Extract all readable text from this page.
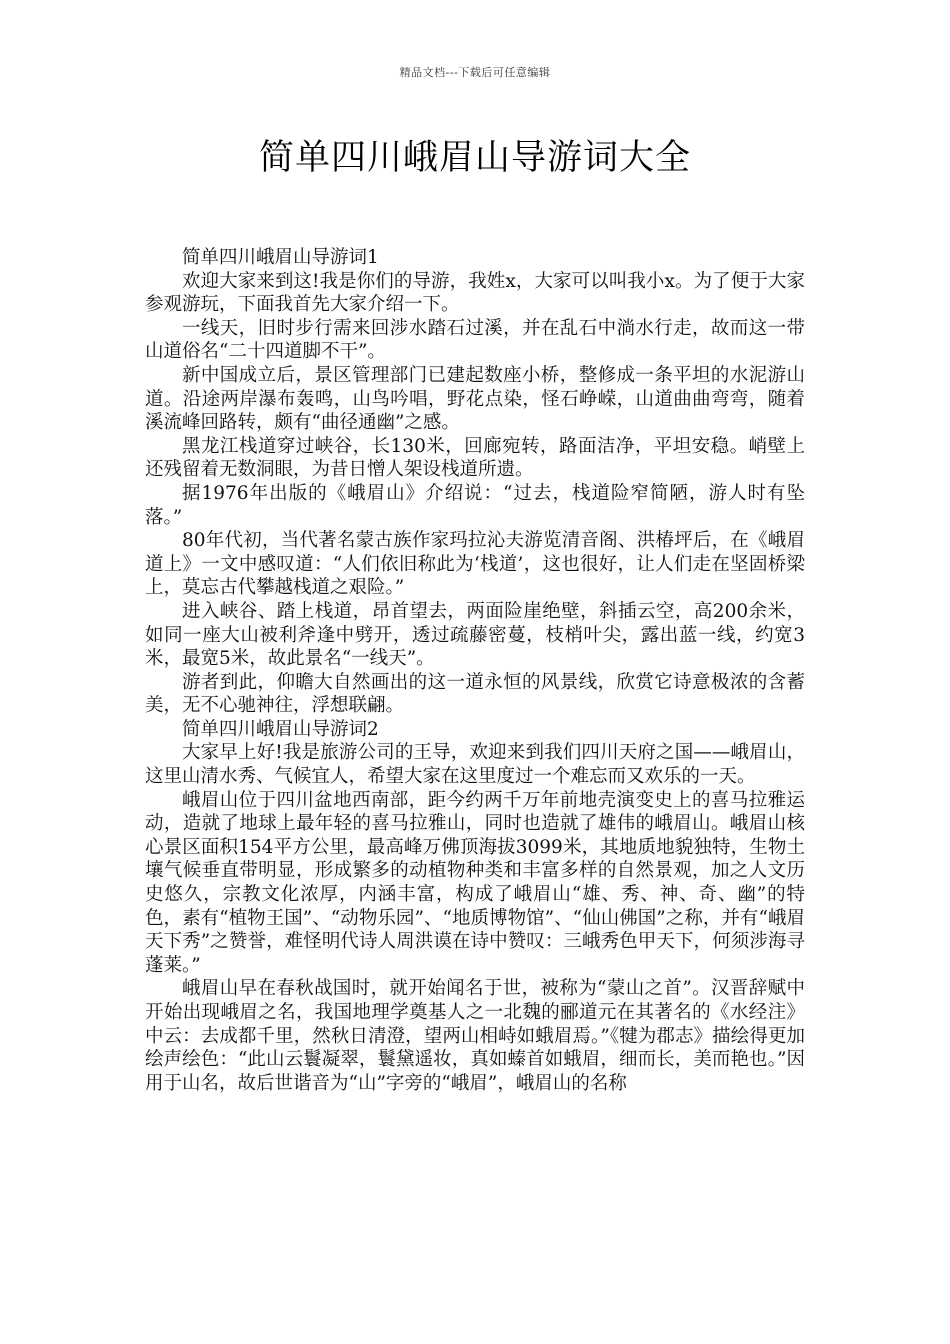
精品文档---下载后可任意编辑
简单四川峨眉山导游词大全

简单四川峨眉山导游词1

欢迎大家来到这!我是你们的导游，我姓x，大家可以叫我小x。为了便于大家参观游玩，下面我首先大家介绍一下。

一线天，旧时步行需来回涉水踏石过溪，并在乱石中淌水行走，故而这一带山道俗名“二十四道脚不干”。

新中国成立后，景区管理部门已建起数座小桥，整修成一条平坦的水泥游山道。沿途两岸瀑布轰鸣，山鸟吟唱，野花点染，怪石峥嵘，山道曲曲弯弯，随着溪流峰回路转，颇有“曲径通幽”之感。

黑龙江栈道穿过峡谷，长130米，回廊宛转，路面洁净，平坦安稳。峭壁上还残留着无数洞眼，为昔日憎人架设栈道所遗。

据1976年出版的《峨眉山》介绍说：“过去，栈道险窄简陋，游人时有坠落。”

80年代初，当代著名蒙古族作家玛拉沁夫游览清音阁、洪椿坪后，在《峨眉道上》一文中感叹道：“人们依旧称此为‘栈道’，这也很好，让人们走在坚固桥梁上，莫忘古代攀越栈道之艰险。”

进入峡谷、踏上栈道，昂首望去，两面险崖绝壁，斜插云空，高200余米，如同一座大山被利斧逢中劈开，透过疏藤密蔓，枝梢叶尖，露出蓝一线，约宽3米，最宽5米，故此景名“一线天”。

游者到此，仰瞻大自然画出的这一道永恒的风景线，欣赏它诗意极浓的含蓄美，无不心驰神往，浮想联翩。

简单四川峨眉山导游词2

大家早上好!我是旅游公司的王导，欢迎来到我们四川天府之国——峨眉山，这里山清水秀、气候宜人，希望大家在这里度过一个难忘而又欢乐的一天。

峨眉山位于四川盆地西南部，距今约两千万年前地壳演变史上的喜马拉雅运动，造就了地球上最年轻的喜马拉雅山，同时也造就了雄伟的峨眉山。峨眉山核心景区面积154平方公里，最高峰万佛顶海拔3099米，其地质地貌独特，生物土壤气候垂直带明显，形成繁多的动植物种类和丰富多样的自然景观，加之人文历史悠久，宗教文化浓厚，内涵丰富，构成了峨眉山“雄、秀、神、奇、幽”的特色，素有“植物王国”、“动物乐园”、“地质博物馆”、“仙山佛国”之称，并有“峨眉天下秀”之赞誉，难怪明代诗人周洪谟在诗中赞叹：三峨秀色甲天下，何须涉海寻蓬莱。”

峨眉山早在春秋战国时，就开始闻名于世，被称为“蒙山之首”。汉晋辞赋中开始出现峨眉之名，我国地理学奠基人之一北魏的郦道元在其著名的《水经注》中云：去成都千里，然秋日清澄，望两山相峙如蛾眉焉。”《犍为郡志》描绘得更加绘声绘色：“此山云鬟凝翠，鬟黛遥妆，真如螓首如蛾眉，细而长，美而艳也。”因用于山名，故后世谐音为“山”字旁的“峨眉”，峨眉山的名称
